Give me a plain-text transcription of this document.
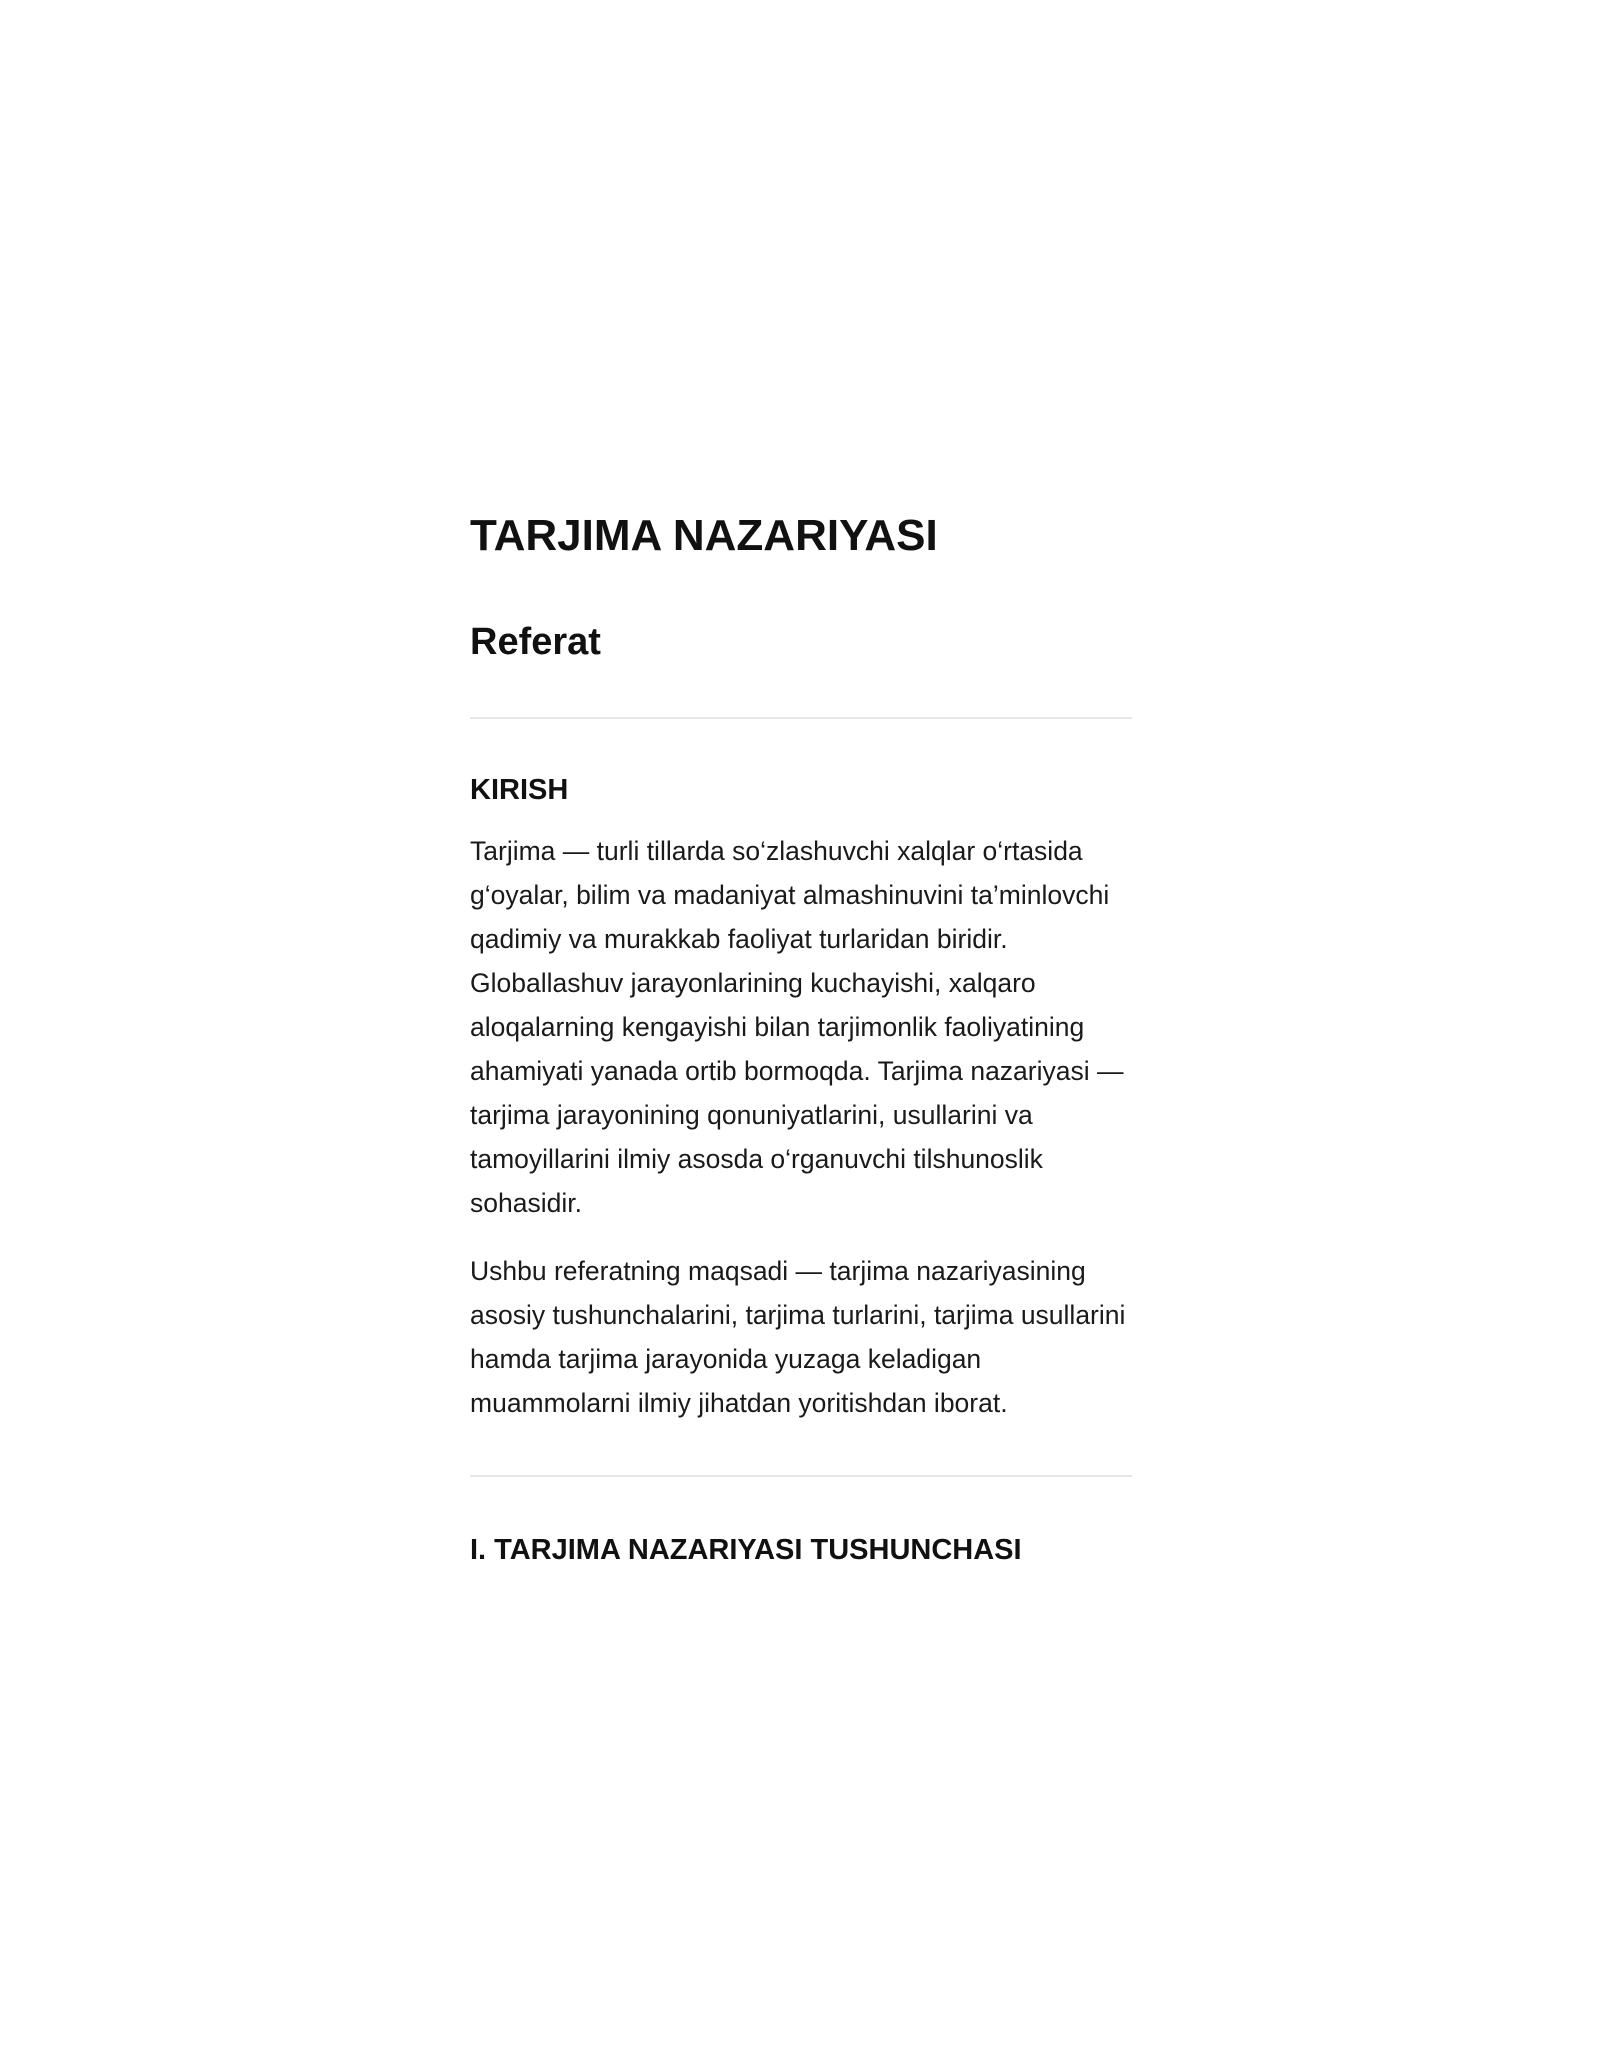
TARJIMA NAZARIYASI
Referat
KIRISH

Tarjima — turli tillarda so‘zlashuvchi xalqlar o‘rtasida g‘oyalar, bilim va madaniyat almashinuvini ta’minlovchi qadimiy va murakkab faoliyat turlaridan biridir. Globallashuv jarayonlarining kuchayishi, xalqaro aloqalarning kengayishi bilan tarjimonlik faoliyatining ahamiyati yanada ortib bormoqda. Tarjima nazariyasi — tarjima jarayonining qonuniyatlarini, usullarini va tamoyillarini ilmiy asosda o‘rganuvchi tilshunoslik sohasidir.

Ushbu referatning maqsadi — tarjima nazariyasining asosiy tushunchalarini, tarjima turlarini, tarjima usullarini hamda tarjima jarayonida yuzaga keladigan muammolarni ilmiy jihatdan yoritishdan iborat.

I. TARJIMA NAZARIYASI TUSHUNCHASI
